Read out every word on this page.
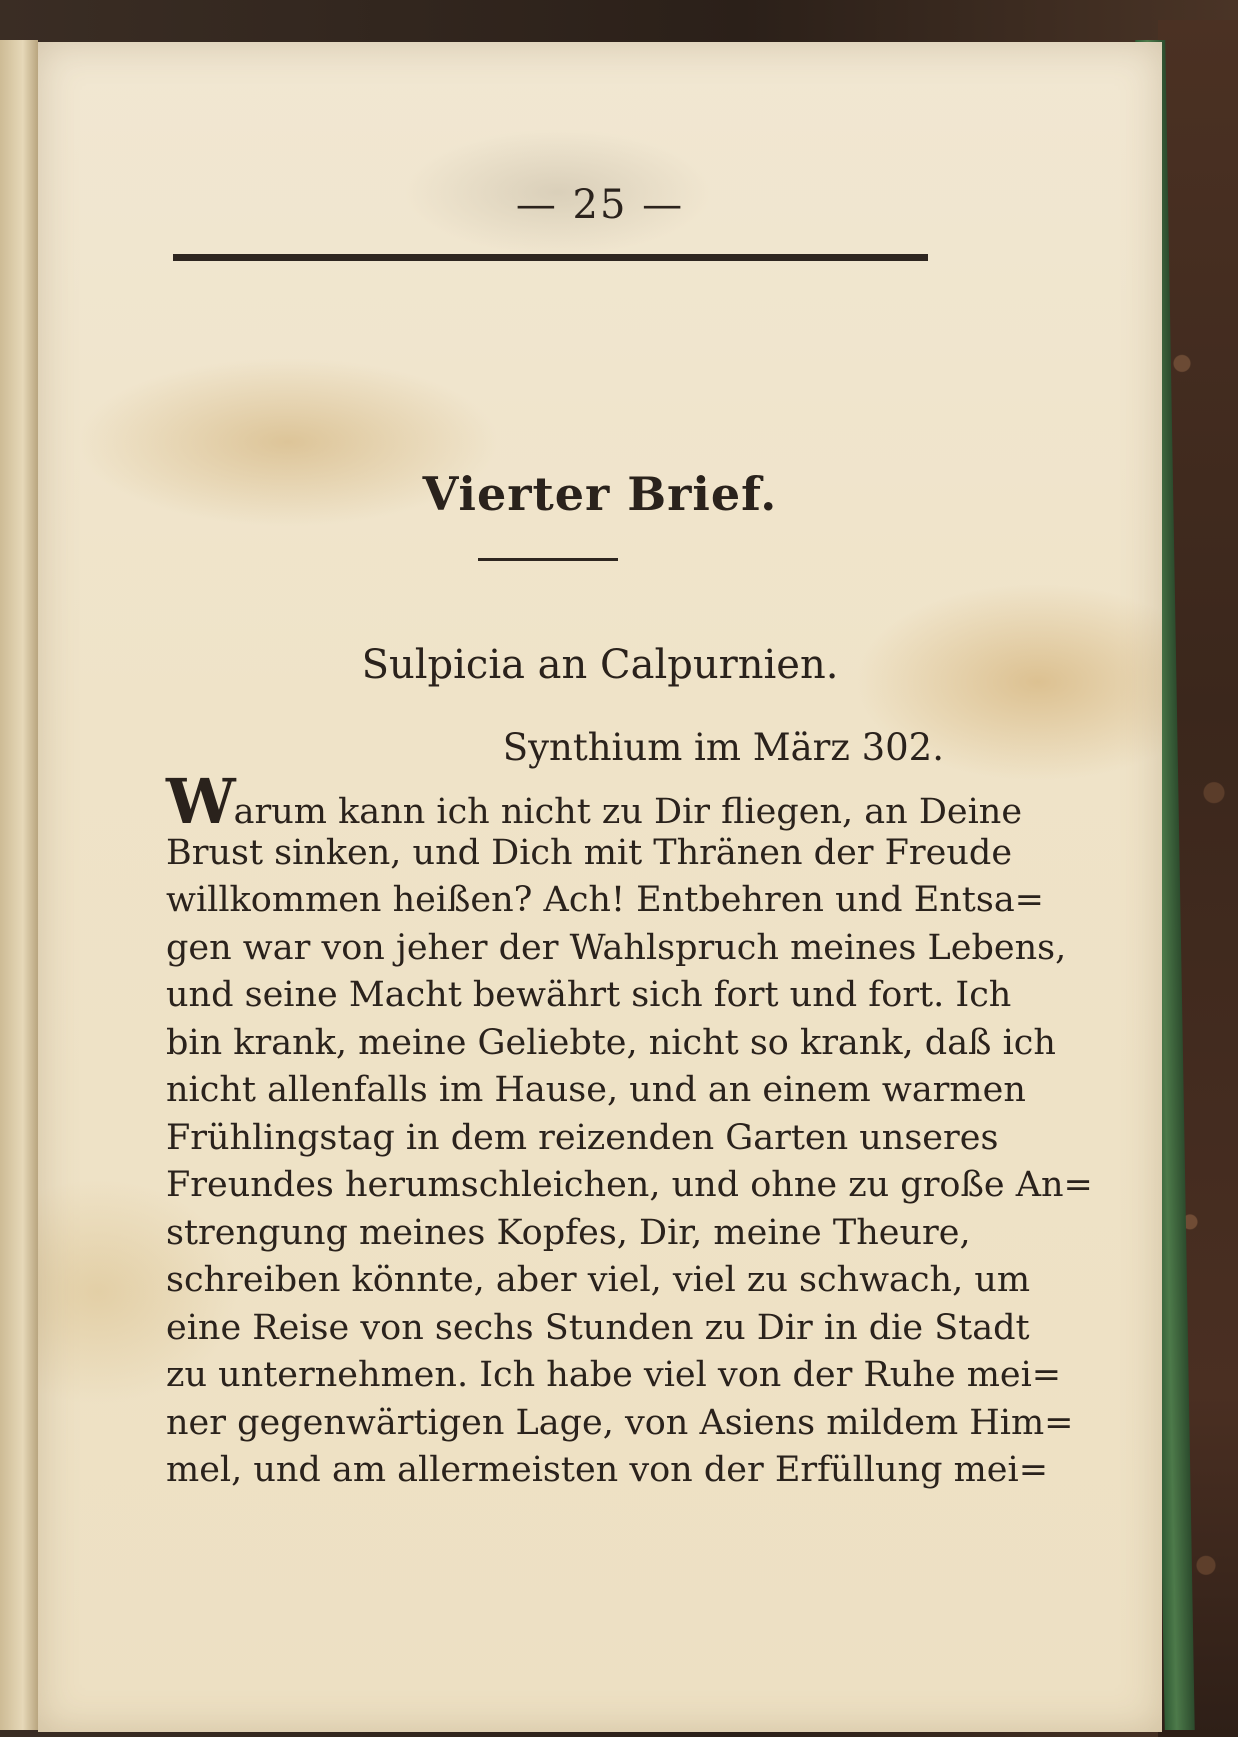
— 25 —
Vierter Brief.
Sulpicia an Calpurnien.
Synthium im März 302.
Warum kann ich nicht zu Dir fliegen, an Deine
Brust sinken, und Dich mit Thränen der Freude
willkommen heißen? Ach! Entbehren und Entsa=
gen war von jeher der Wahlspruch meines Lebens,
und seine Macht bewährt sich fort und fort. Ich
bin krank, meine Geliebte, nicht so krank, daß ich
nicht allenfalls im Hause, und an einem warmen
Frühlingstag in dem reizenden Garten unseres
Freundes herumschleichen, und ohne zu große An=
strengung meines Kopfes, Dir, meine Theure,
schreiben könnte, aber viel, viel zu schwach, um
eine Reise von sechs Stunden zu Dir in die Stadt
zu unternehmen. Ich habe viel von der Ruhe mei=
ner gegenwärtigen Lage, von Asiens mildem Him=
mel, und am allermeisten von der Erfüllung mei=
